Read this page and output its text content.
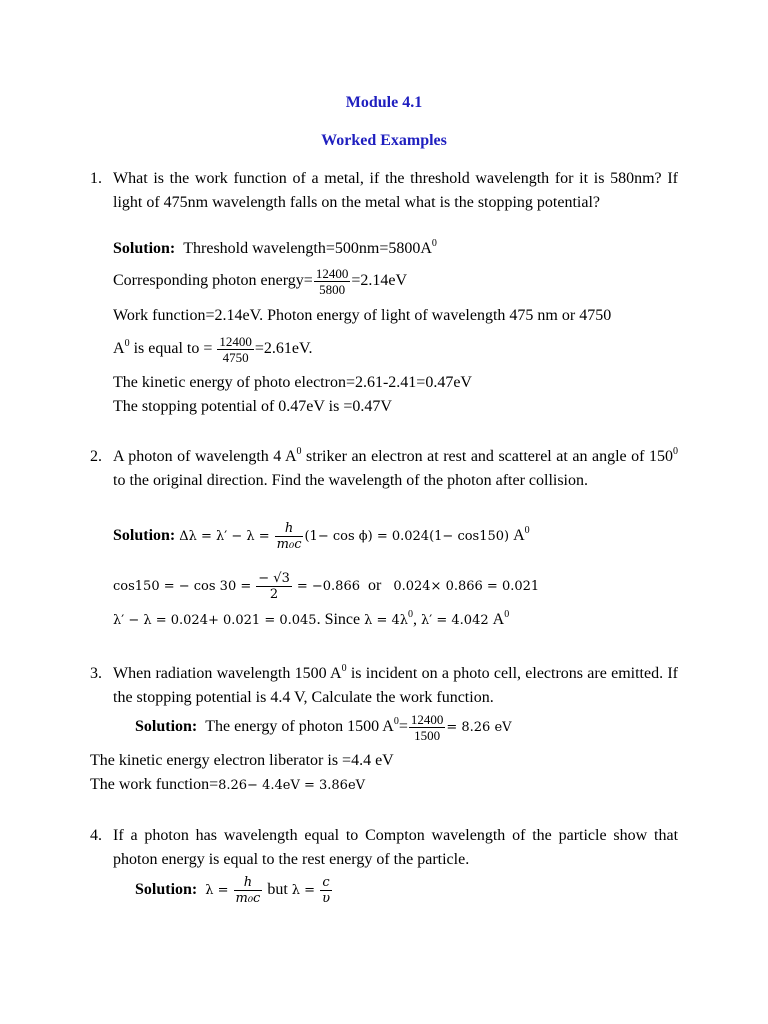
Module 4.1
Worked Examples
1. What is the work function of a metal, if the threshold wavelength for it is 580nm? If light of 475nm wavelength falls on the metal what is the stopping potential?
Solution: Threshold $wavelength=500nm=5800A^0$
Corresponding photon energy= $\frac{12400}{5800} =2.14eV$
Work function=2.14eV. Photon energy of light of wavelength 475 nm or 4750
$A^0$ is equal to = $\frac{12400}{4750} =2.61eV$.
The kinetic energy of photo electron=2.61-2.41=0.47eV
The stopping potential of 0.47eV is =0.47V
2. A photon of wavelength 4 $A^0$ striker an electron at rest and scatterel at an angle of $150^0$ to the original direction. Find the wavelength of the photon after collision.
Solution: $\Delta\lambda = \lambda' - \lambda = \frac{h}{\text{m₀c}} (1- \cos \phi) = 0.024(1- \cos 150)$ $A^0$
cos150 = − $\cos 30 = \frac{- √3}{2} = -0.866$ or 0.024× 0.866 = 0.021
λ′ − λ = 0.024+ 0.021 = 0.045. Since $\lambda = 4\lambda^0$, λ′ = 4.042 $A^0$
3. When radiation wavelength 1500 $A^0$ is incident on a photo cell, electrons are emitted. If the stopping potential is 4.4 V, Calculate the work function.
Solution: The energy of photon 1500 $A^0= \frac{12400}{1500} = 8.26$ eV
The kinetic energy electron liberator is =4.4 eV
The work function=8.26− 4.4eV = 3.86eV
4. If a photon has wavelength equal to Compton wavelength of the particle show that photon energy is equal to the rest energy of the particle.
Solution: $\lambda = \frac{h}{\text{m₀c}}$ but $\lambda = \frac{c}{\upsilon}$
